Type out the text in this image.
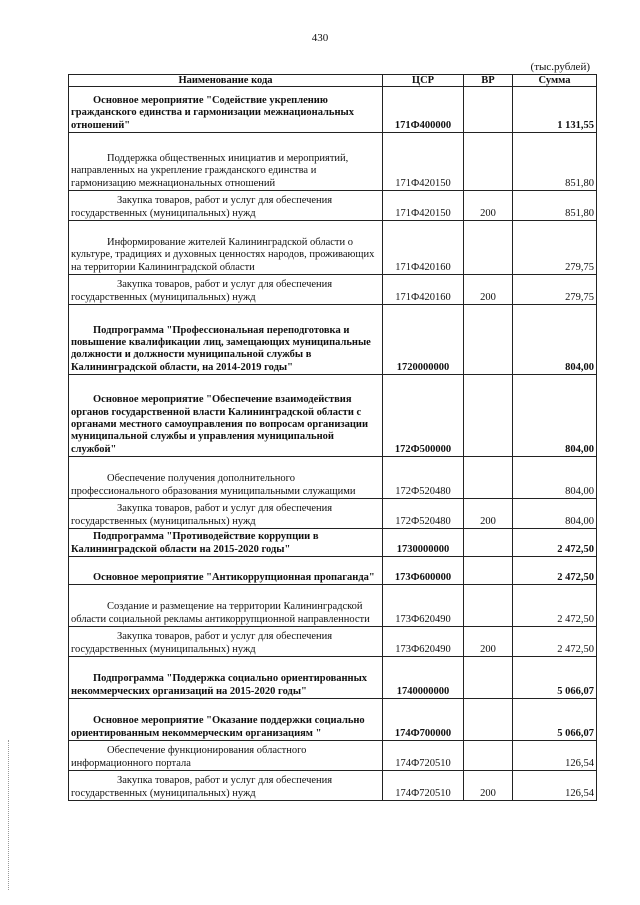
430
(тыс.рублей)
Наименование кода	ЦСР	ВР	Сумма
Основное мероприятие "Содействие укреплению гражданского единства и гармонизации межнациональных отношений"	171Ф400000		1 131,55
Поддержка общественных инициатив и мероприятий, направленных на укрепление гражданского единства и гармонизацию межнациональных отношений	171Ф420150		851,80
Закупка товаров, работ и услуг для обеспечения государственных (муниципальных) нужд	171Ф420150	200	851,80
Информирование жителей Калининградской области о культуре, традициях и духовных ценностях народов, проживающих на территории Калининградской области	171Ф420160		279,75
Закупка товаров, работ и услуг для обеспечения государственных (муниципальных) нужд	171Ф420160	200	279,75
Подпрограмма "Профессиональная переподготовка и повышение квалификации лиц, замещающих муниципальные должности и должности муниципальной службы в Калининградской области, на 2014-2019 годы"	1720000000		804,00
Основное мероприятие "Обеспечение взаимодействия органов государственной власти Калининградской области с органами местного самоуправления по вопросам организации муниципальной службы и управления муниципальной службой"	172Ф500000		804,00
Обеспечение получения дополнительного профессионального образования муниципальными служащими	172Ф520480		804,00
Закупка товаров, работ и услуг для обеспечения государственных (муниципальных) нужд	172Ф520480	200	804,00
Подпрограмма "Противодействие коррупции в Калининградской области на 2015-2020 годы"	1730000000		2 472,50
Основное мероприятие "Антикоррупционная пропаганда"	173Ф600000		2 472,50
Создание и размещение на территории Калининградской области социальной рекламы антикоррупционной направленности	173Ф620490		2 472,50
Закупка товаров, работ и услуг для обеспечения государственных (муниципальных) нужд	173Ф620490	200	2 472,50
Подпрограмма "Поддержка социально ориентированных некоммерческих организаций на 2015-2020 годы"	1740000000		5 066,07
Основное мероприятие "Оказание поддержки социально ориентированным некоммерческим организациям "	174Ф700000		5 066,07
Обеспечение функционирования областного информационного портала	174Ф720510		126,54
Закупка товаров, работ и услуг для обеспечения государственных (муниципальных) нужд	174Ф720510	200	126,54
